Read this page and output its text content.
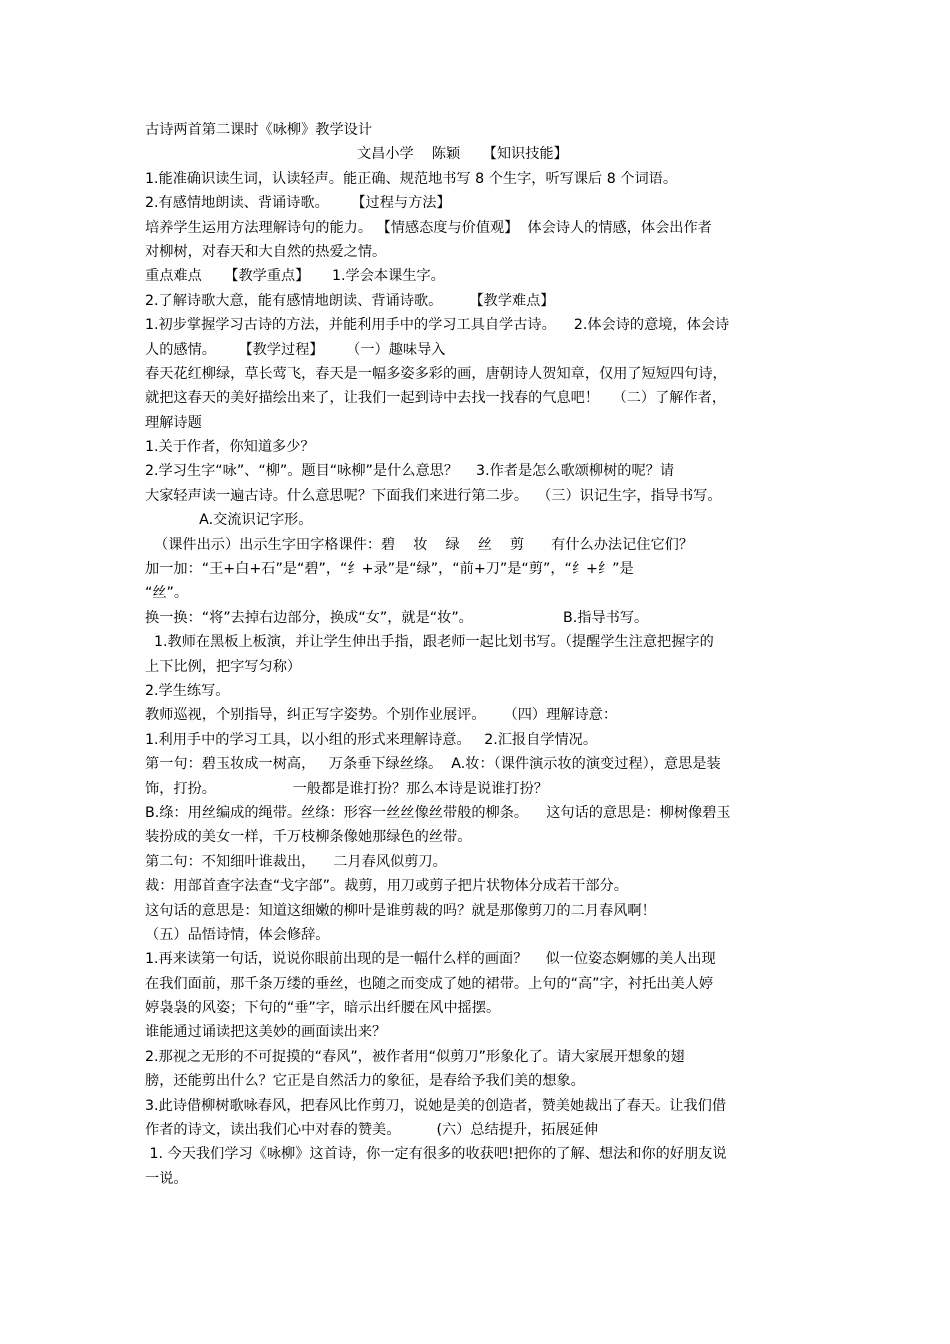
古诗两首第二课时《咏柳》教学设计
文昌小学    陈颖     【知识技能】
1.能准确识读生词，认读轻声。能正确、规范地书写 8 个生字，听写课后 8 个词语。
2.有感情地朗读、背诵诗歌。     【过程与方法】
培养学生运用方法理解诗句的能力。 【情感态度与价值观】  体会诗人的情感，体会出作者
对柳树，对春天和大自然的热爱之情。
重点难点     【教学重点】     1.学会本课生字。
2.了解诗歌大意，能有感情地朗读、背诵诗歌。      【教学难点】
1.初步掌握学习古诗的方法，并能利用手中的学习工具自学古诗。    2.体会诗的意境，体会诗
人的感情。     【教学过程】     （一）趣味导入
春天花红柳绿，草长莺飞，春天是一幅多姿多彩的画，唐朝诗人贺知章，仅用了短短四句诗，
就把这春天的美好描绘出来了，让我们一起到诗中去找一找春的气息吧！   （二）了解作者，
理解诗题
1.关于作者，你知道多少？
2.学习生字“咏”、“柳”。题目“咏柳”是什么意思？    3.作者是怎么歌颂柳树的呢？请
大家轻声读一遍古诗。什么意思呢？下面我们来进行第二步。  （三）识记生字，指导书写。
A.交流识记字形。
（课件出示）出示生字田字格课件：碧    妆    绿    丝    剪      有什么办法记住它们？
加一加：“王+白+石”是“碧”，“纟+录”是“绿”，“前+刀”是“剪”，“纟+纟”是
“丝”。
换一换：“将”去掉右边部分，换成“女”，就是“妆”。                    B.指导书写。
1.教师在黑板上板演，并让学生伸出手指，跟老师一起比划书写。（提醒学生注意把握字的
上下比例，把字写匀称）
2.学生练写。
教师巡视，个别指导，纠正写字姿势。个别作业展评。    （四）理解诗意：
1.利用手中的学习工具，以小组的形式来理解诗意。   2.汇报自学情况。
第一句：碧玉妆成一树高，   万条垂下绿丝绦。  A.妆：（课件演示妆的演变过程），意思是装
饰，打扮。                 一般都是谁打扮？那么本诗是说谁打扮？
B.绦：用丝编成的绳带。丝绦：形容一丝丝像丝带般的柳条。    这句话的意思是：柳树像碧玉
装扮成的美女一样，千万枝柳条像她那绿色的丝带。
第二句：不知细叶谁裁出，    二月春风似剪刀。
裁：用部首查字法查“戈字部”。裁剪，用刀或剪子把片状物体分成若干部分。
这句话的意思是：知道这细嫩的柳叶是谁剪裁的吗？就是那像剪刀的二月春风啊！
（五）品悟诗情，体会修辞。
1.再来读第一句话，说说你眼前出现的是一幅什么样的画面？    似一位姿态婀娜的美人出现
在我们面前，那千条万缕的垂丝，也随之而变成了她的裙带。上句的“高”字，衬托出美人婷
婷袅袅的风姿；下句的“垂”字，暗示出纤腰在风中摇摆。
谁能通过诵读把这美妙的画面读出来？
2.那视之无形的不可捉摸的“春风”，被作者用“似剪刀”形象化了。请大家展开想象的翅
膀，还能剪出什么？它正是自然活力的象征，是春给予我们美的想象。
3.此诗借柳树歌咏春风，把春风比作剪刀，说她是美的创造者，赞美她裁出了春天。让我们借
作者的诗文，读出我们心中对春的赞美。        (六）总结提升，拓展延伸
1. 今天我们学习《咏柳》这首诗，你一定有很多的收获吧!把你的了解、想法和你的好朋友说
一说。
